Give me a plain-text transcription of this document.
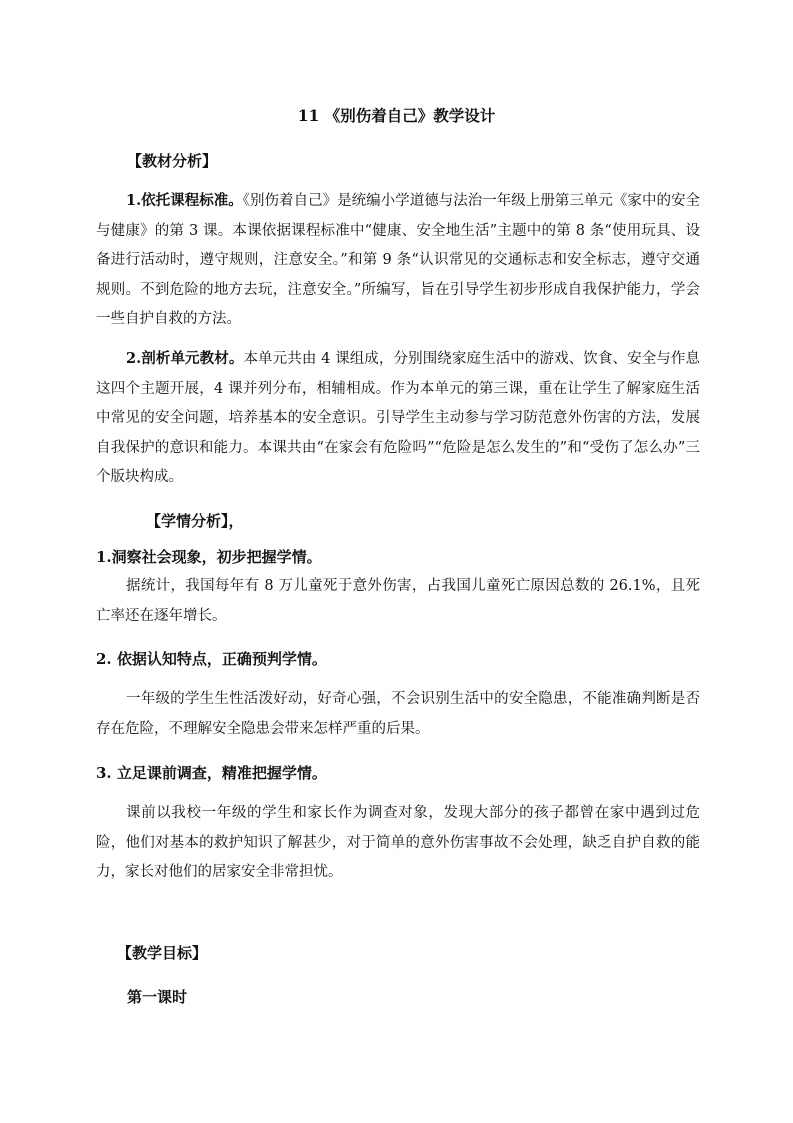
11 《别伤着自己》教学设计
【教材分析】
1.依托课程标准。《别伤着自己》是统编小学道德与法治一年级上册第三单元《家中的安全与健康》的第 3 课。本课依据课程标准中“健康、安全地生活”主题中的第 8 条“使用玩具、设备进行活动时，遵守规则，注意安全。”和第 9 条“认识常见的交通标志和安全标志，遵守交通规则。不到危险的地方去玩，注意安全。”所编写，旨在引导学生初步形成自我保护能力，学会一些自护自救的方法。
2.剖析单元教材。本单元共由 4 课组成，分别围绕家庭生活中的游戏、饮食、安全与作息这四个主题开展，4 课并列分布，相辅相成。作为本单元的第三课，重在让学生了解家庭生活中常见的安全问题，培养基本的安全意识。引导学生主动参与学习防范意外伤害的方法，发展自我保护的意识和能力。本课共由“在家会有危险吗”“危险是怎么发生的”和“受伤了怎么办”三个版块构成。
【学情分析】，
1.洞察社会现象，初步把握学情。
据统计，我国每年有 8 万儿童死于意外伤害，占我国儿童死亡原因总数的 26.1%，且死亡率还在逐年增长。
2. 依据认知特点，正确预判学情。
一年级的学生生性活泼好动，好奇心强，不会识别生活中的安全隐患，不能准确判断是否存在危险，不理解安全隐患会带来怎样严重的后果。
3. 立足课前调查，精准把握学情。
课前以我校一年级的学生和家长作为调查对象，发现大部分的孩子都曾在家中遇到过危险，他们对基本的救护知识了解甚少，对于简单的意外伤害事故不会处理，缺乏自护自救的能力，家长对他们的居家安全非常担忧。
【教学目标】
第一课时
